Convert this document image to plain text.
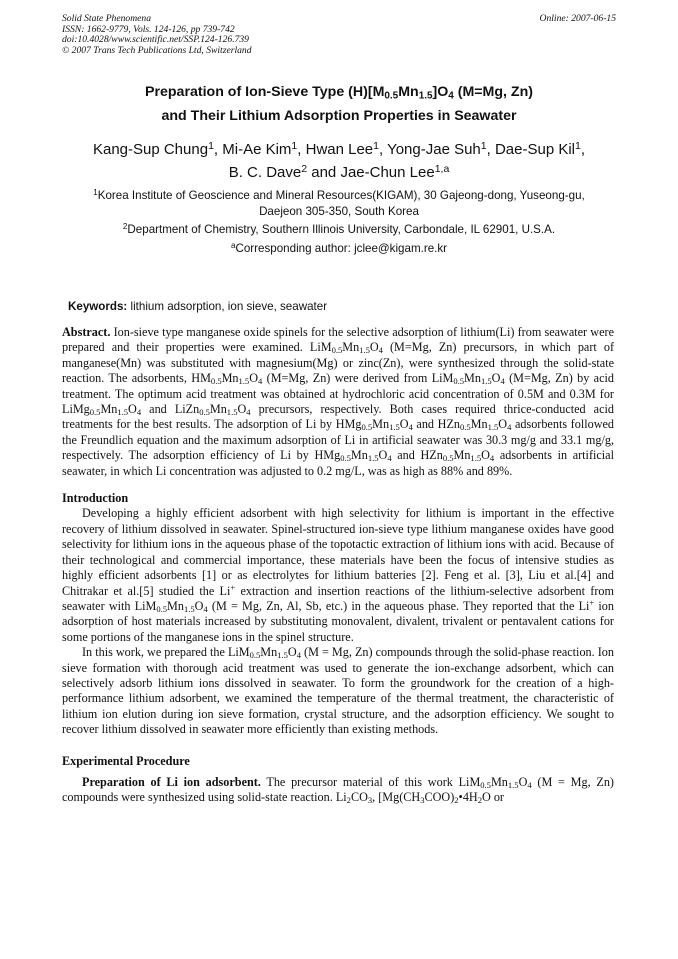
Solid State Phenomena
ISSN: 1662-9779, Vols. 124-126, pp 739-742
doi:10.4028/www.scientific.net/SSP.124-126.739
© 2007 Trans Tech Publications Ltd, Switzerland
Online: 2007-06-15
Preparation of Ion-Sieve Type $(H)[M_{0.5}Mn_{1.5}]O_4$ (M=Mg, Zn)
and Their Lithium Adsorption Properties in Seawater
Kang-Sup Chung$^1$, Mi-Ae Kim$^1$, Hwan Lee$^1$, Yong-Jae Suh$^1$, Dae-Sup Kil$^1$,
B. C. Dave$^2$ and Jae-Chun Lee$^{1,a}$
$^1$Korea Institute of Geoscience and Mineral Resources(KIGAM), 30 Gajeong-dong, Yuseong-gu,
Daejeon 305-350, South Korea
$^2$Department of Chemistry, Southern Illinois University, Carbondale, IL 62901, U.S.A.
$^a$Corresponding author: jclee@kigam.re.kr
Keywords: lithium adsorption, ion sieve, seawater

Abstract. Ion-sieve type manganese oxide spinels for the selective adsorption of lithium(Li) from seawater were prepared and their properties were examined. $LiM_{0.5}Mn_{1.5}O_4$ (M=Mg, Zn) precursors, in which part of manganese(Mn) was substituted with magnesium(Mg) or zinc(Zn), were synthesized through the solid-state reaction. The adsorbents, $HM_{0.5}Mn_{1.5}O_4$ (M=Mg, Zn) were derived from $LiM_{0.5}Mn_{1.5}O_4$ (M=Mg, Zn) by acid treatment. The optimum acid treatment was obtained at hydrochloric acid concentration of 0.5M and 0.3M for $LiMg_{0.5}Mn_{1.5}O_4$ and $LiZn_{0.5}Mn_{1.5}O_4$ precursors, respectively. Both cases required thrice-conducted acid treatments for the best results. The adsorption of Li by $HMg_{0.5}Mn_{1.5}O_4$ and $HZn_{0.5}Mn_{1.5}O_4$ adsorbents followed the Freundlich equation and the maximum adsorption of Li in artificial seawater was 30.3 mg/g and 33.1 mg/g, respectively. The adsorption efficiency of Li by $HMg_{0.5}Mn_{1.5}O_4$ and $HZn_{0.5}Mn_{1.5}O_4$ adsorbents in artificial seawater, in which Li concentration was adjusted to 0.2 mg/L, was as high as 88% and 89%.

Introduction

Developing a highly efficient adsorbent with high selectivity for lithium is important in the effective recovery of lithium dissolved in seawater. Spinel-structured ion-sieve type lithium manganese oxides have good selectivity for lithium ions in the aqueous phase of the topotactic extraction of lithium ions with acid. Because of their technological and commercial importance, these materials have been the focus of intensive studies as highly efficient adsorbents [1] or as electrolytes for lithium batteries [2]. Feng et al. [3], Liu et al.[4] and Chitrakar et al.[5] studied the Li+ extraction and insertion reactions of the lithium-selective adsorbent from seawater with $LiM_{0.5}Mn_{1.5}O_4$ (M = Mg, Zn, Al, Sb, etc.) in the aqueous phase. They reported that the Li+ ion adsorption of host materials increased by substituting monovalent, divalent, trivalent or pentavalent cations for some portions of the manganese ions in the spinel structure.

In this work, we prepared the $LiM_{0.5}Mn_{1.5}O_4$ (M = Mg, Zn) compounds through the solid-phase reaction. Ion sieve formation with thorough acid treatment was used to generate the ion-exchange adsorbent, which can selectively adsorb lithium ions dissolved in seawater. To form the groundwork for the creation of a high-performance lithium adsorbent, we examined the temperature of the thermal treatment, the characteristic of lithium ion elution during ion sieve formation, crystal structure, and the adsorption efficiency. We sought to recover lithium dissolved in seawater more efficiently than existing methods.

Experimental Procedure

Preparation of Li ion adsorbent. The precursor material of this work $LiM_{0.5}Mn_{1.5}O_4$ (M = Mg, Zn) compounds were synthesized using solid-state reaction. $Li_2CO_3$, [$Mg(CH_3COO)_2•4H_2O$ or
